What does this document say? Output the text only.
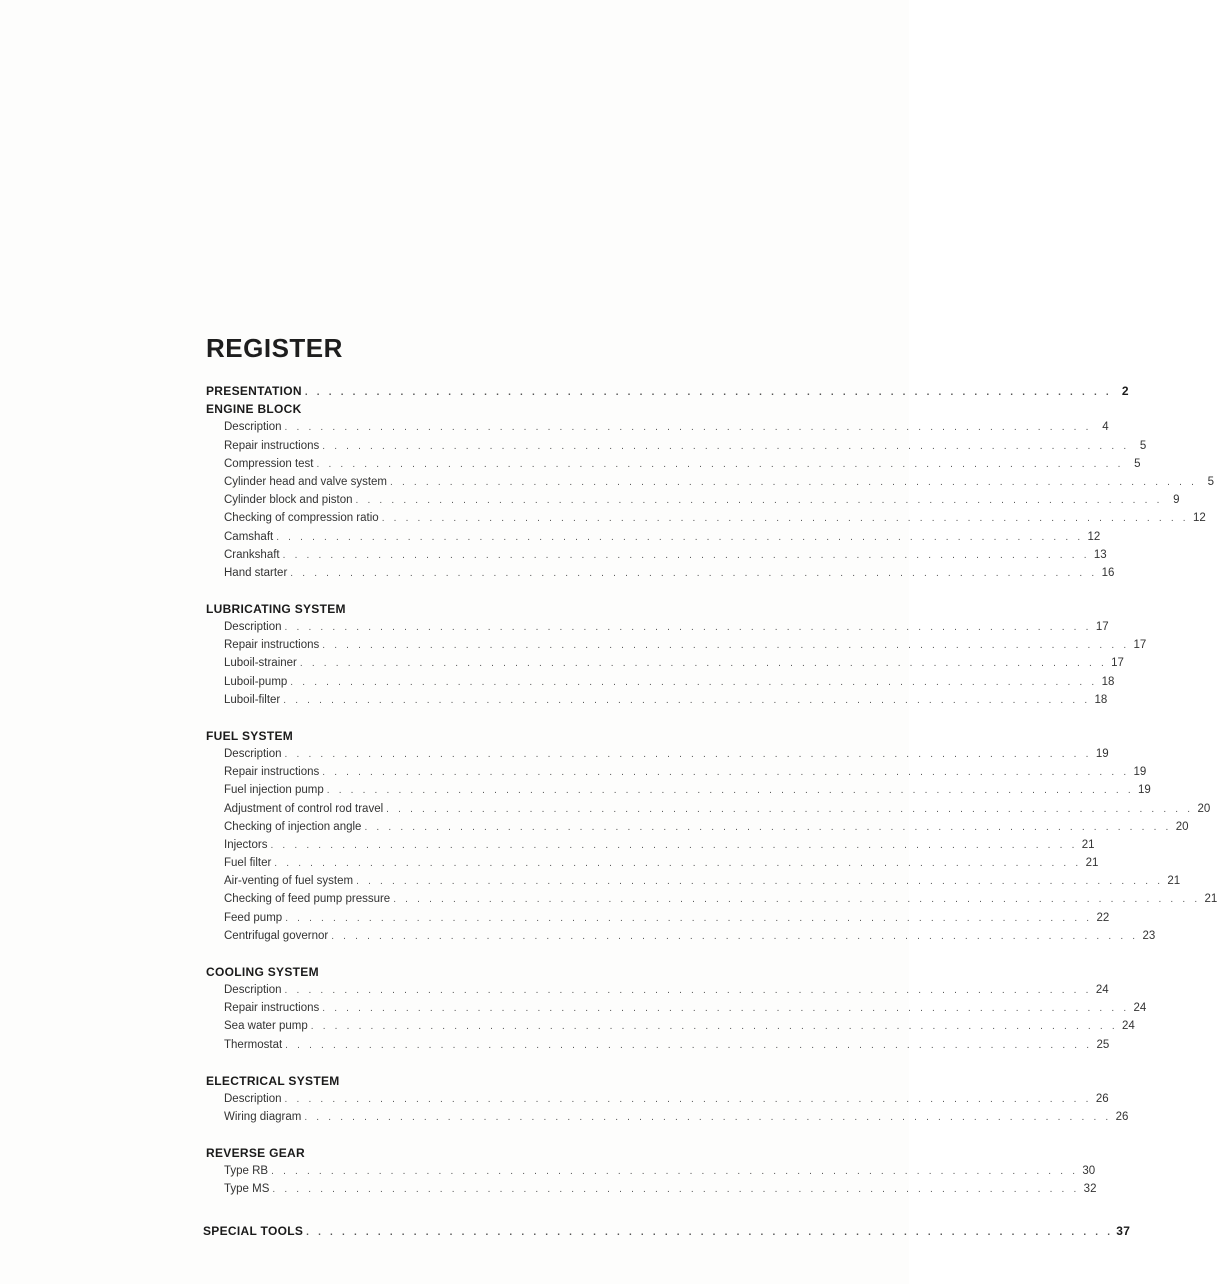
REGISTER
PRESENTATION . . . . . . . . . . . . . . . . . . . . . . . . . . . . . . . . . . . . . . . . . . . . . . . . . . . . . . . . . . . . . . . . . . . . 2
ENGINE BLOCK
Description . . . . . . . . . . . . . . . . . . . . . . . . . . . . . . . . . . . . . . . . . . . . . . . . . . . . . . . . . . . . . . . . . . . . 4
Repair instructions . . . . . . . . . . . . . . . . . . . . . . . . . . . . . . . . . . . . . . . . . . . . . . . . . . . . . . . . . . . . . . . . . . . . 5
Compression test . . . . . . . . . . . . . . . . . . . . . . . . . . . . . . . . . . . . . . . . . . . . . . . . . . . . . . . . . . . . . . . . . . . . 5
Cylinder head and valve system . . . . . . . . . . . . . . . . . . . . . . . . . . . . . . . . . . . . . . . . . . . . . . . . . . . . . . . . . . . . . . . . . . . . 5
Cylinder block and piston . . . . . . . . . . . . . . . . . . . . . . . . . . . . . . . . . . . . . . . . . . . . . . . . . . . . . . . . . . . . . . . . . . . . 9
Checking of compression ratio . . . . . . . . . . . . . . . . . . . . . . . . . . . . . . . . . . . . . . . . . . . . . . . . . . . . . . . . . . . . . . . . . . . . 12
Camshaft . . . . . . . . . . . . . . . . . . . . . . . . . . . . . . . . . . . . . . . . . . . . . . . . . . . . . . . . . . . . . . . . . . . . 12
Crankshaft . . . . . . . . . . . . . . . . . . . . . . . . . . . . . . . . . . . . . . . . . . . . . . . . . . . . . . . . . . . . . . . . . . . . 13
Hand starter . . . . . . . . . . . . . . . . . . . . . . . . . . . . . . . . . . . . . . . . . . . . . . . . . . . . . . . . . . . . . . . . . . . . 16
LUBRICATING SYSTEM
Description . . . . . . . . . . . . . . . . . . . . . . . . . . . . . . . . . . . . . . . . . . . . . . . . . . . . . . . . . . . . . . . . . . . . 17
Repair instructions . . . . . . . . . . . . . . . . . . . . . . . . . . . . . . . . . . . . . . . . . . . . . . . . . . . . . . . . . . . . . . . . . . . . 17
Luboil-strainer . . . . . . . . . . . . . . . . . . . . . . . . . . . . . . . . . . . . . . . . . . . . . . . . . . . . . . . . . . . . . . . . . . . . 17
Luboil-pump . . . . . . . . . . . . . . . . . . . . . . . . . . . . . . . . . . . . . . . . . . . . . . . . . . . . . . . . . . . . . . . . . . . . 18
Luboil-filter . . . . . . . . . . . . . . . . . . . . . . . . . . . . . . . . . . . . . . . . . . . . . . . . . . . . . . . . . . . . . . . . . . . . 18
FUEL SYSTEM
Description . . . . . . . . . . . . . . . . . . . . . . . . . . . . . . . . . . . . . . . . . . . . . . . . . . . . . . . . . . . . . . . . . . . . 19
Repair instructions . . . . . . . . . . . . . . . . . . . . . . . . . . . . . . . . . . . . . . . . . . . . . . . . . . . . . . . . . . . . . . . . . . . . 19
Fuel injection pump . . . . . . . . . . . . . . . . . . . . . . . . . . . . . . . . . . . . . . . . . . . . . . . . . . . . . . . . . . . . . . . . . . . . 19
Adjustment of control rod travel . . . . . . . . . . . . . . . . . . . . . . . . . . . . . . . . . . . . . . . . . . . . . . . . . . . . . . . . . . . . . . . . . . . . 20
Checking of injection angle . . . . . . . . . . . . . . . . . . . . . . . . . . . . . . . . . . . . . . . . . . . . . . . . . . . . . . . . . . . . . . . . . . . . 20
Injectors . . . . . . . . . . . . . . . . . . . . . . . . . . . . . . . . . . . . . . . . . . . . . . . . . . . . . . . . . . . . . . . . . . . . 21
Fuel filter . . . . . . . . . . . . . . . . . . . . . . . . . . . . . . . . . . . . . . . . . . . . . . . . . . . . . . . . . . . . . . . . . . . . 21
Air-venting of fuel system . . . . . . . . . . . . . . . . . . . . . . . . . . . . . . . . . . . . . . . . . . . . . . . . . . . . . . . . . . . . . . . . . . . . 21
Checking of feed pump pressure . . . . . . . . . . . . . . . . . . . . . . . . . . . . . . . . . . . . . . . . . . . . . . . . . . . . . . . . . . . . . . . . . . . . 21
Feed pump . . . . . . . . . . . . . . . . . . . . . . . . . . . . . . . . . . . . . . . . . . . . . . . . . . . . . . . . . . . . . . . . . . . . 22
Centrifugal governor . . . . . . . . . . . . . . . . . . . . . . . . . . . . . . . . . . . . . . . . . . . . . . . . . . . . . . . . . . . . . . . . . . . . 23
COOLING SYSTEM
Description . . . . . . . . . . . . . . . . . . . . . . . . . . . . . . . . . . . . . . . . . . . . . . . . . . . . . . . . . . . . . . . . . . . . 24
Repair instructions . . . . . . . . . . . . . . . . . . . . . . . . . . . . . . . . . . . . . . . . . . . . . . . . . . . . . . . . . . . . . . . . . . . . 24
Sea water pump . . . . . . . . . . . . . . . . . . . . . . . . . . . . . . . . . . . . . . . . . . . . . . . . . . . . . . . . . . . . . . . . . . . . 24
Thermostat . . . . . . . . . . . . . . . . . . . . . . . . . . . . . . . . . . . . . . . . . . . . . . . . . . . . . . . . . . . . . . . . . . . . 25
ELECTRICAL SYSTEM
Description . . . . . . . . . . . . . . . . . . . . . . . . . . . . . . . . . . . . . . . . . . . . . . . . . . . . . . . . . . . . . . . . . . . . 26
Wiring diagram . . . . . . . . . . . . . . . . . . . . . . . . . . . . . . . . . . . . . . . . . . . . . . . . . . . . . . . . . . . . . . . . . . . . 26
REVERSE GEAR
Type RB . . . . . . . . . . . . . . . . . . . . . . . . . . . . . . . . . . . . . . . . . . . . . . . . . . . . . . . . . . . . . . . . . . . . 30
Type MS . . . . . . . . . . . . . . . . . . . . . . . . . . . . . . . . . . . . . . . . . . . . . . . . . . . . . . . . . . . . . . . . . . . . 32
SPECIAL TOOLS . . . . . . . . . . . . . . . . . . . . . . . . . . . . . . . . . . . . . . . . . . . . . . . . . . . . . . . . . . . . . . . . . . . . 37
